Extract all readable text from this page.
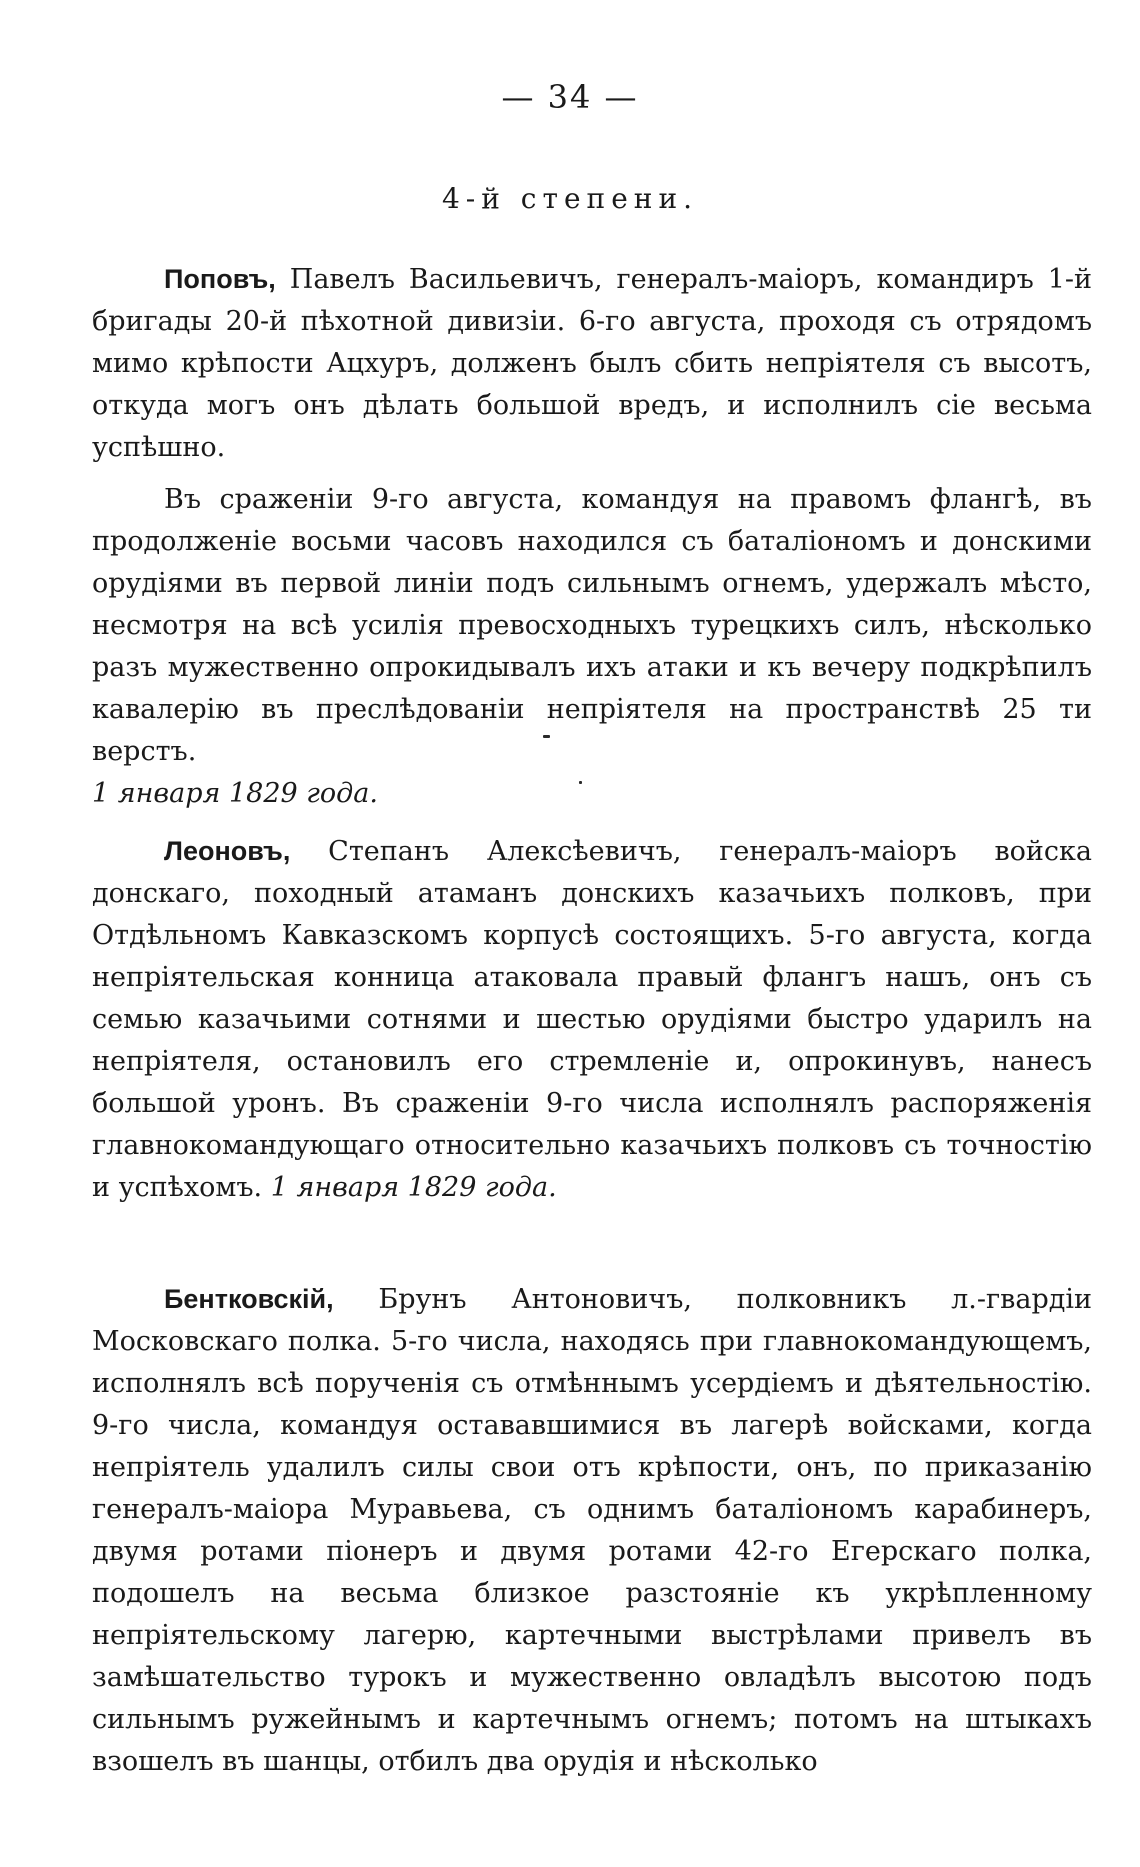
— 34 —
4-й степени.

Поповъ, Павелъ Васильевичъ, генералъ-маіоръ, командиръ 1-й бригады 20-й пѣхотной дивизіи. 6-го августа, проходя съ отрядомъ мимо крѣпости Ацхуръ, долженъ былъ сбить непріятеля съ высотъ, откуда могъ онъ дѣлать большой вредъ, и исполнилъ сіе весьма успѣшно.

Въ сраженіи 9-го августа, командуя на правомъ флангѣ, въ продолженіе восьми часовъ находился съ баталіономъ и донскими орудіями въ первой линіи подъ сильнымъ огнемъ, удержалъ мѣсто, несмотря на всѣ усилія превосходныхъ турецкихъ силъ, нѣсколько разъ мужественно опрокидывалъ ихъ атаки и къ вечеру подкрѣпилъ кавалерію въ преслѣдованіи непріятеля на пространствѣ 25 ти верстъ.

1 января 1829 года.

Леоновъ, Степанъ Алексѣевичъ, генералъ-маіоръ войска донскаго, походный атаманъ донскихъ казачьихъ полковъ, при Отдѣльномъ Кавказскомъ корпусѣ состоящихъ. 5-го августа, когда непріятельская конница атаковала правый флангъ нашъ, онъ съ семью казачьими сотнями и шестью орудіями быстро ударилъ на непріятеля, остановилъ его стремленіе и, опрокинувъ, нанесъ большой уронъ. Въ сраженіи 9-го числа исполнялъ распоряженія главнокомандующаго относительно казачьихъ полковъ съ точностію и успѣхомъ. 1 января 1829 года.

Бентковскій, Брунъ Антоновичъ, полковникъ л.-гвардіи Московскаго полка. 5-го числа, находясь при главнокомандующемъ, исполнялъ всѣ порученія съ отмѣннымъ усердіемъ и дѣятельностію. 9-го числа, командуя остававшимися въ лагерѣ войсками, когда непріятель удалилъ силы свои отъ крѣпости, онъ, по приказанію генералъ-маіора Муравьева, съ однимъ баталіономъ карабинеръ, двумя ротами піонеръ и двумя ротами 42-го Егерскаго полка, подошелъ на весьма близкое разстояніе къ укрѣпленному непріятельскому лагерю, картечными выстрѣлами привелъ въ замѣшательство турокъ и мужественно овладѣлъ высотою подъ сильнымъ ружейнымъ и картечнымъ огнемъ; потомъ на штыкахъ взошелъ въ шанцы, отбилъ два орудія и нѣсколько
